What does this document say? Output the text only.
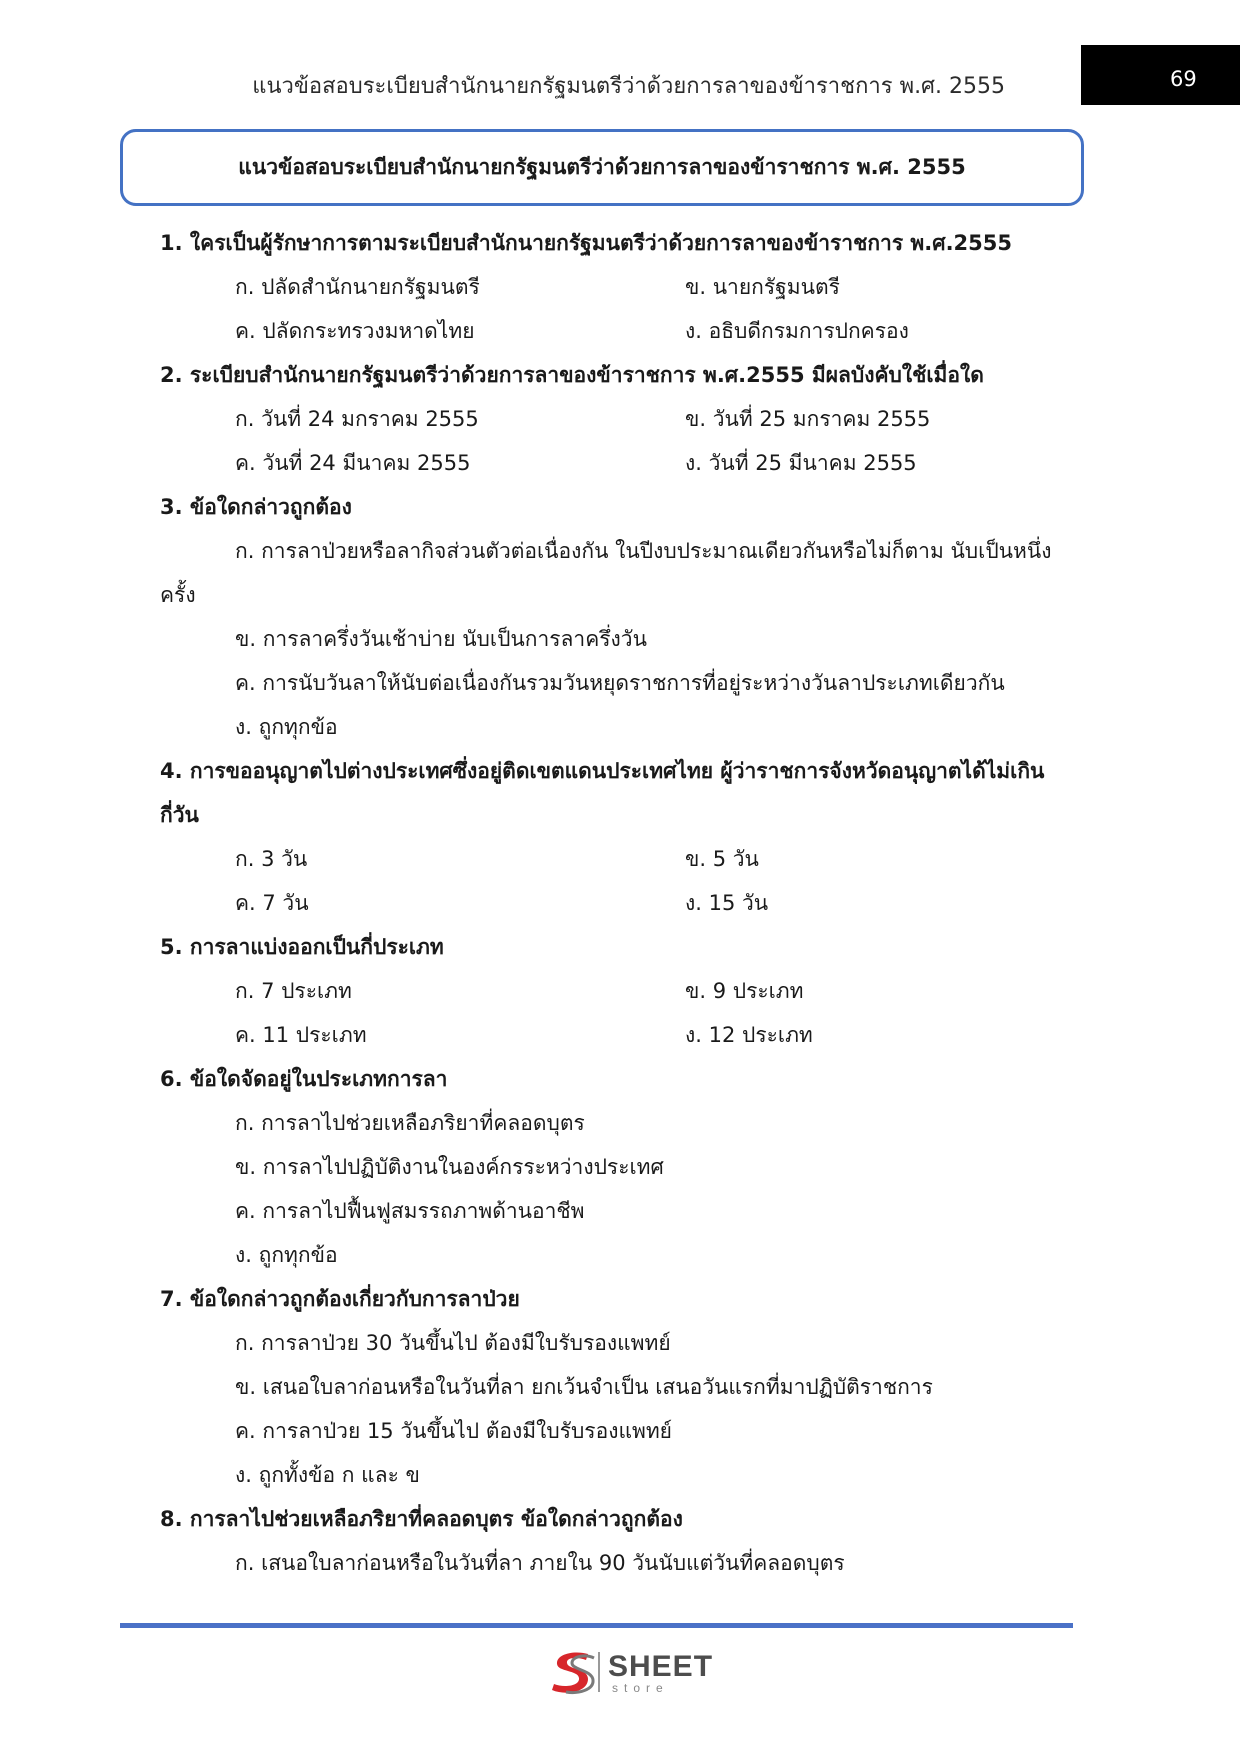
แนวข้อสอบระเบียบสำนักนายกรัฐมนตรีว่าด้วยการลาของข้าราชการ พ.ศ. 2555	69
แนวข้อสอบระเบียบสำนักนายกรัฐมนตรีว่าด้วยการลาของข้าราชการ พ.ศ. 2555
1. ใครเป็นผู้รักษาการตามระเบียบสำนักนายกรัฐมนตรีว่าด้วยการลาของข้าราชการ พ.ศ.2555
ก. ปลัดสำนักนายกรัฐมนตรี	ข. นายกรัฐมนตรี
ค. ปลัดกระทรวงมหาดไทย	ง. อธิบดีกรมการปกครอง
2. ระเบียบสำนักนายกรัฐมนตรีว่าด้วยการลาของข้าราชการ พ.ศ.2555 มีผลบังคับใช้เมื่อใด
ก. วันที่ 24 มกราคม 2555	ข. วันที่ 25 มกราคม 2555
ค. วันที่ 24 มีนาคม 2555	ง. วันที่ 25 มีนาคม 2555
3. ข้อใดกล่าวถูกต้อง
ก. การลาป่วยหรือลากิจส่วนตัวต่อเนื่องกัน ในปีงบประมาณเดียวกันหรือไม่ก็ตาม นับเป็นหนึ่ง
ครั้ง
ข. การลาครึ่งวันเช้าบ่าย นับเป็นการลาครึ่งวัน
ค. การนับวันลาให้นับต่อเนื่องกันรวมวันหยุดราชการที่อยู่ระหว่างวันลาประเภทเดียวกัน
ง. ถูกทุกข้อ
4. การขออนุญาตไปต่างประเทศซึ่งอยู่ติดเขตแดนประเทศไทย ผู้ว่าราชการจังหวัดอนุญาตได้ไม่เกิน
กี่วัน
ก. 3 วัน	ข. 5 วัน
ค. 7 วัน	ง. 15 วัน
5. การลาแบ่งออกเป็นกี่ประเภท
ก. 7 ประเภท	ข. 9 ประเภท
ค. 11 ประเภท	ง. 12 ประเภท
6. ข้อใดจัดอยู่ในประเภทการลา
ก. การลาไปช่วยเหลือภริยาที่คลอดบุตร
ข. การลาไปปฏิบัติงานในองค์กรระหว่างประเทศ
ค. การลาไปฟื้นฟูสมรรถภาพด้านอาชีพ
ง. ถูกทุกข้อ
7. ข้อใดกล่าวถูกต้องเกี่ยวกับการลาป่วย
ก. การลาป่วย 30 วันขึ้นไป ต้องมีใบรับรองแพทย์
ข. เสนอใบลาก่อนหรือในวันที่ลา ยกเว้นจำเป็น เสนอวันแรกที่มาปฏิบัติราชการ
ค. การลาป่วย 15 วันขึ้นไป ต้องมีใบรับรองแพทย์
ง. ถูกทั้งข้อ ก และ ข
8. การลาไปช่วยเหลือภริยาที่คลอดบุตร ข้อใดกล่าวถูกต้อง
ก. เสนอใบลาก่อนหรือในวันที่ลา ภายใน 90 วันนับแต่วันที่คลอดบุตร
SHEET
store
